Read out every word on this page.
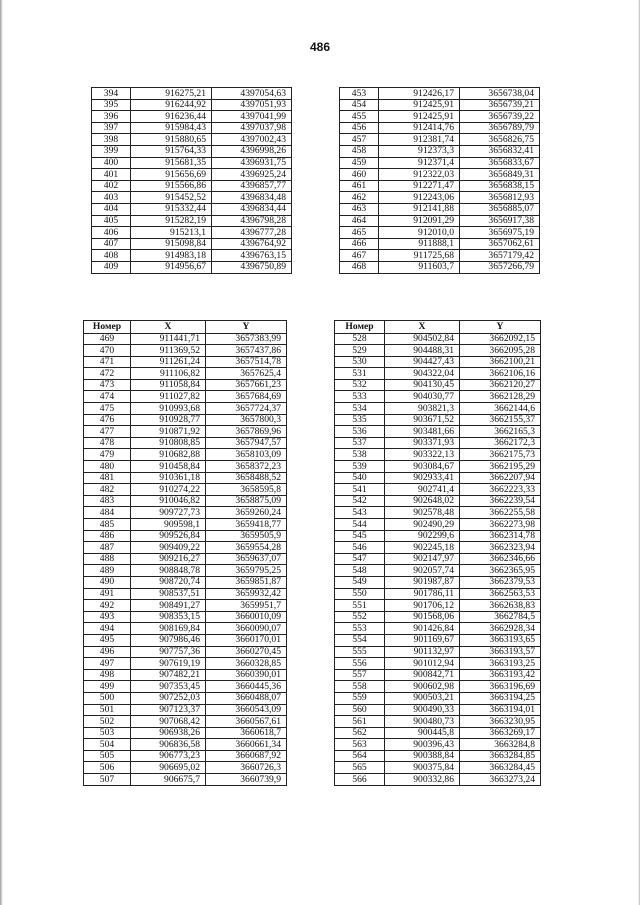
486
394	916275,21	4397054,63
395	916244,92	4397051,93
396	916236,44	4397041,99
397	915984,43	4397037,98
398	915880,65	4397002,43
399	915764,33	4396998,26
400	915681,35	4396931,75
401	915656,69	4396925,24
402	915566,86	4396857,77
403	915452,52	4396834,48
404	915332,44	4396834,44
405	915282,19	4396798,28
406	915213,1	4396777,28
407	915098,84	4396764,92
408	914983,18	4396763,15
409	914956,67	4396750,89
453	912426,17	3656738,04
454	912425,91	3656739,21
455	912425,91	3656739,22
456	912414,76	3656789,79
457	912381,74	3656826,75
458	912373,3	3656832,41
459	912371,4	3656833,67
460	912322,03	3656849,31
461	912271,47	3656838,15
462	912243,06	3656812,93
463	912141,88	3656885,07
464	912091,29	3656917,38
465	912010,0	3656975,19
466	911888,1	3657062,61
467	911725,68	3657179,42
468	911603,7	3657266,79
Номер	X	Y
469	911441,71	3657383,99
470	911369,52	3657437,86
471	911261,24	3657514,78
472	911106,82	3657625,4
473	911058,84	3657661,23
474	911027,82	3657684,69
475	910993,68	3657724,37
476	910928,77	3657800,3
477	910871,92	3657869,96
478	910808,85	3657947,57
479	910682,88	3658103,09
480	910458,84	3658372,23
481	910361,18	3658488,52
482	910274,22	3658595,8
483	910046,82	3658875,09
484	909727,73	3659260,24
485	909598,1	3659418,77
486	909526,84	3659505,9
487	909409,22	3659554,28
488	909216,27	3659637,07
489	908848,78	3659795,25
490	908720,74	3659851,87
491	908537,51	3659932,42
492	908491,27	3659951,7
493	908353,15	3660010,09
494	908169,84	3660090,07
495	907986,46	3660170,01
496	907757,36	3660270,45
497	907619,19	3660328,85
498	907482,21	3660390,01
499	907353,45	3660445,36
500	907252,03	3660488,07
501	907123,37	3660543,09
502	907068,42	3660567,61
503	906938,26	3660618,7
504	906836,58	3660661,34
505	906773,23	3660687,92
506	906695,02	3660726,3
507	906675,7	3660739,9
Номер	X	Y
528	904502,84	3662092,15
529	904488,31	3662095,28
530	904427,43	3662100,21
531	904322,04	3662106,16
532	904130,45	3662120,27
533	904030,77	3662128,29
534	903821,3	3662144,6
535	903671,52	3662155,37
536	903481,66	3662165,3
537	903371,93	3662172,3
538	903322,13	3662175,73
539	903084,67	3662195,29
540	902933,41	3662207,94
541	902741,4	3662223,33
542	902648,02	3662239,54
543	902578,48	3662255,58
544	902490,29	3662273,98
545	902299,6	3662314,78
546	902245,18	3662323,94
547	902147,97	3662346,66
548	902057,74	3662365,95
549	901987,87	3662379,53
550	901786,11	3662563,53
551	901706,12	3662638,83
552	901568,06	3662784,5
553	901426,84	3662928,34
554	901169,67	3663193,65
555	901132,97	3663193,57
556	901012,94	3663193,25
557	900842,71	3663193,42
558	900602,98	3663196,69
559	900503,21	3663194,25
560	900490,33	3663194,01
561	900480,73	3663230,95
562	900445,8	3663269,17
563	900396,43	3663284,8
564	900388,84	3663284,85
565	900375,84	3663284,45
566	900332,86	3663273,24
